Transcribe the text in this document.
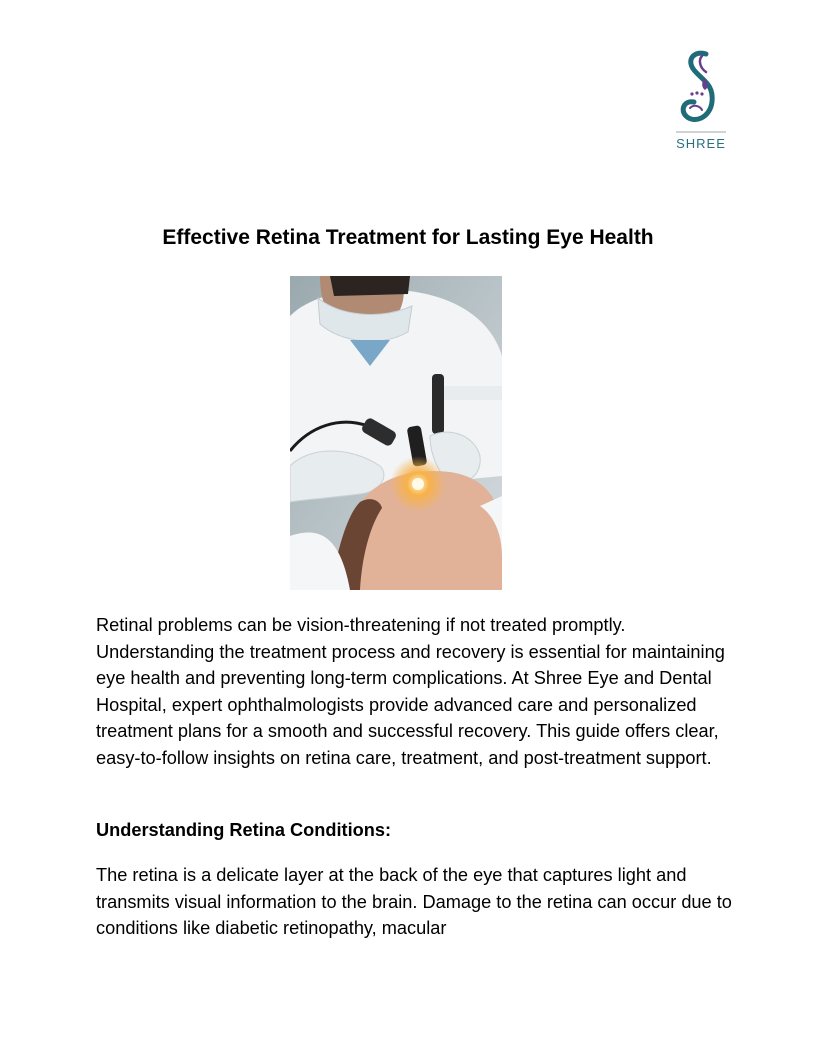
SHREE
Effective Retina Treatment for Lasting Eye Health

Retinal problems can be vision-threatening if not treated promptly. Understanding the treatment process and recovery is essential for maintaining eye health and preventing long-term complications. At Shree Eye and Dental Hospital, expert ophthalmologists provide advanced care and personalized treatment plans for a smooth and successful recovery. This guide offers clear, easy-to-follow insights on retina care, treatment, and post-treatment support.

Understanding Retina Conditions:

The retina is a delicate layer at the back of the eye that captures light and transmits visual information to the brain. Damage to the retina can occur due to conditions like diabetic retinopathy, macular
